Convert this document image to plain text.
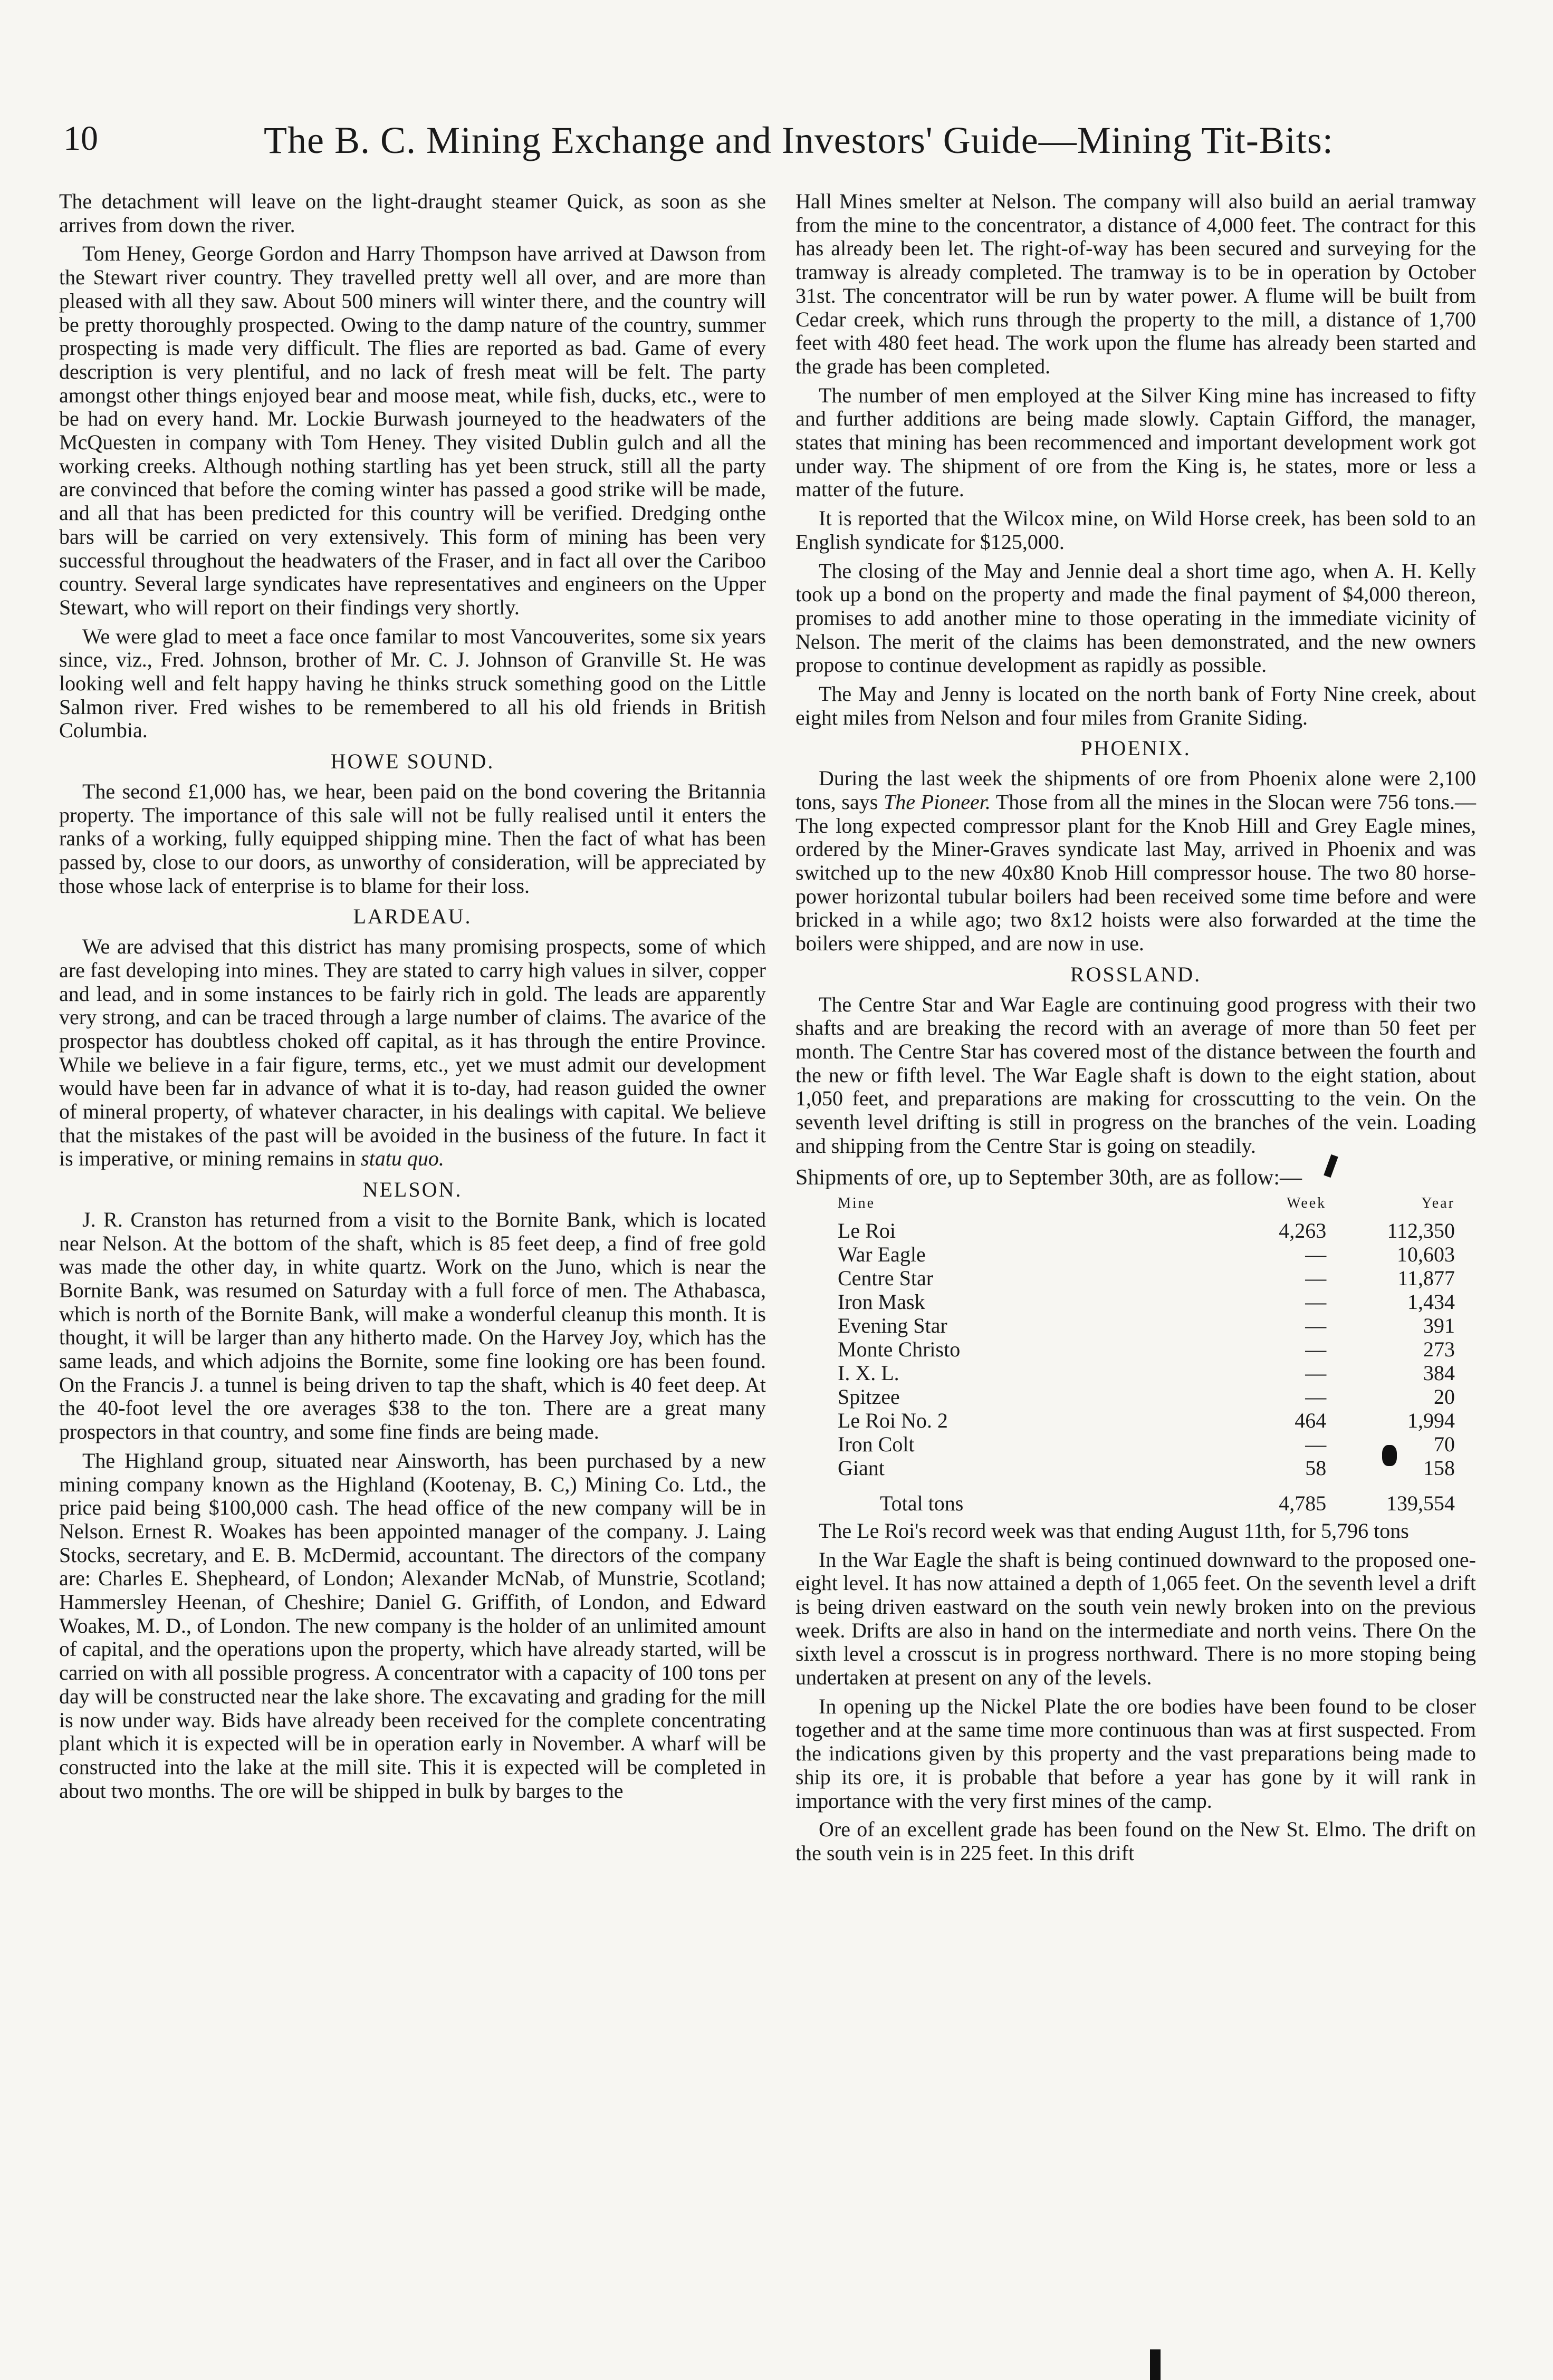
10	The B. C. Mining Exchange and Investors' Guide—Mining Tit-Bits:

The detachment will leave on the light-draught steamer Quick, as soon as she arrives from down the river.

Tom Heney, George Gordon and Harry Thompson have arrived at Dawson from the Stewart river country. They travelled pretty well all over, and are more than pleased with all they saw. About 500 miners will winter there, and the country will be pretty thoroughly prospected. Owing to the damp nature of the country, summer prospecting is made very difficult. The flies are reported as bad. Game of every description is very plentiful, and no lack of fresh meat will be felt. The party amongst other things enjoyed bear and moose meat, while fish, ducks, etc., were to be had on every hand. Mr. Lockie Burwash journeyed to the headwaters of the McQuesten in company with Tom Heney. They visited Dublin gulch and all the working creeks. Although nothing startling has yet been struck, still all the party are convinced that before the coming winter has passed a good strike will be made, and all that has been predicted for this country will be verified. Dredging onthe bars will be carried on very extensively. This form of mining has been very successful throughout the headwaters of the Fraser, and in fact all over the Cariboo country. Several large syndicates have representatives and engineers on the Upper Stewart, who will report on their findings very shortly.

We were glad to meet a face once familar to most Vancouverites, some six years since, viz., Fred. Johnson, brother of Mr. C. J. Johnson of Granville St. He was looking well and felt happy having he thinks struck something good on the Little Salmon river. Fred wishes to be remembered to all his old friends in British Columbia.

HOWE SOUND.

The second £1,000 has, we hear, been paid on the bond covering the Britannia property. The importance of this sale will not be fully realised until it enters the ranks of a working, fully equipped shipping mine. Then the fact of what has been passed by, close to our doors, as unworthy of consideration, will be appreciated by those whose lack of enterprise is to blame for their loss.

LARDEAU.

We are advised that this district has many promising prospects, some of which are fast developing into mines. They are stated to carry high values in silver, copper and lead, and in some instances to be fairly rich in gold. The leads are apparently very strong, and can be traced through a large number of claims. The avarice of the prospector has doubtless choked off capital, as it has through the entire Province. While we believe in a fair figure, terms, etc., yet we must admit our development would have been far in advance of what it is to-day, had reason guided the owner of mineral property, of whatever character, in his dealings with capital. We believe that the mistakes of the past will be avoided in the business of the future. In fact it is imperative, or mining remains in statu quo.

NELSON.

J. R. Cranston has returned from a visit to the Bornite Bank, which is located near Nelson. At the bottom of the shaft, which is 85 feet deep, a find of free gold was made the other day, in white quartz. Work on the Juno, which is near the Bornite Bank, was resumed on Saturday with a full force of men. The Athabasca, which is north of the Bornite Bank, will make a wonderful cleanup this month. It is thought, it will be larger than any hitherto made. On the Harvey Joy, which has the same leads, and which adjoins the Bornite, some fine looking ore has been found. On the Francis J. a tunnel is being driven to tap the shaft, which is 40 feet deep. At the 40-foot level the ore averages $38 to the ton. There are a great many prospectors in that country, and some fine finds are being made.

The Highland group, situated near Ainsworth, has been purchased by a new mining company known as the Highland (Kootenay, B. C,) Mining Co. Ltd., the price paid being $100,000 cash. The head office of the new company will be in Nelson. Ernest R. Woakes has been appointed manager of the company. J. Laing Stocks, secretary, and E. B. McDermid, accountant. The directors of the company are: Charles E. Shepheard, of London; Alexander McNab, of Munstrie, Scotland; Hammersley Heenan, of Cheshire; Daniel G. Griffith, of London, and Edward Woakes, M. D., of London. The new company is the holder of an unlimited amount of capital, and the operations upon the property, which have already started, will be carried on with all possible progress. A concentrator with a capacity of 100 tons per day will be constructed near the lake shore. The excavating and grading for the mill is now under way. Bids have already been received for the complete concentrating plant which it is expected will be in operation early in November. A wharf will be constructed into the lake at the mill site. This it is expected will be completed in about two months. The ore will be shipped in bulk by barges to the

Hall Mines smelter at Nelson. The company will also build an aerial tramway from the mine to the concentrator, a distance of 4,000 feet. The contract for this has already been let. The right-of-way has been secured and surveying for the tramway is already completed. The tramway is to be in operation by October 31st. The concentrator will be run by water power. A flume will be built from Cedar creek, which runs through the property to the mill, a distance of 1,700 feet with 480 feet head. The work upon the flume has already been started and the grade has been completed.

The number of men employed at the Silver King mine has increased to fifty and further additions are being made slowly. Captain Gifford, the manager, states that mining has been recommenced and important development work got under way. The shipment of ore from the King is, he states, more or less a matter of the future.

It is reported that the Wilcox mine, on Wild Horse creek, has been sold to an English syndicate for $125,000.

The closing of the May and Jennie deal a short time ago, when A. H. Kelly took up a bond on the property and made the final payment of $4,000 thereon, promises to add another mine to those operating in the immediate vicinity of Nelson. The merit of the claims has been demonstrated, and the new owners propose to continue development as rapidly as possible.

The May and Jenny is located on the north bank of Forty Nine creek, about eight miles from Nelson and four miles from Granite Siding.

PHOENIX.

During the last week the shipments of ore from Phoenix alone were 2,100 tons, says The Pioneer. Those from all the mines in the Slocan were 756 tons.—The long expected compressor plant for the Knob Hill and Grey Eagle mines, ordered by the Miner-Graves syndicate last May, arrived in Phoenix and was switched up to the new 40x80 Knob Hill compressor house. The two 80 horse-power horizontal tubular boilers had been received some time before and were bricked in a while ago; two 8x12 hoists were also forwarded at the time the boilers were shipped, and are now in use.

ROSSLAND.

The Centre Star and War Eagle are continuing good progress with their two shafts and are breaking the record with an average of more than 50 feet per month. The Centre Star has covered most of the distance between the fourth and the new or fifth level. The War Eagle shaft is down to the eight station, about 1,050 feet, and preparations are making for crosscutting to the vein. On the seventh level drifting is still in progress on the branches of the vein. Loading and shipping from the Centre Star is going on steadily.

Shipments of ore, up to September 30th, are as follow:—
Mine	Week	Year
Le Roi	4,263	112,350
War Eagle	—	10,603
Centre Star	—	11,877
Iron Mask	—	1,434
Evening Star	—	391
Monte Christo	—	273
I. X. L.	—	384
Spitzee	—	20
Le Roi No. 2	464	1,994
Iron Colt	—	70
Giant	58	158
Total tons	4,785	139,554

The Le Roi's record week was that ending August 11th, for 5,796 tons

In the War Eagle the shaft is being continued downward to the proposed one-eight level. It has now attained a depth of 1,065 feet. On the seventh level a drift is being driven eastward on the south vein newly broken into on the previous week. Drifts are also in hand on the intermediate and north veins. There On the sixth level a crosscut is in progress northward. There is no more stoping being undertaken at present on any of the levels.

In opening up the Nickel Plate the ore bodies have been found to be closer together and at the same time more continuous than was at first suspected. From the indications given by this property and the vast preparations being made to ship its ore, it is probable that before a year has gone by it will rank in importance with the very first mines of the camp.

Ore of an excellent grade has been found on the New St. Elmo. The drift on the south vein is in 225 feet. In this drift
